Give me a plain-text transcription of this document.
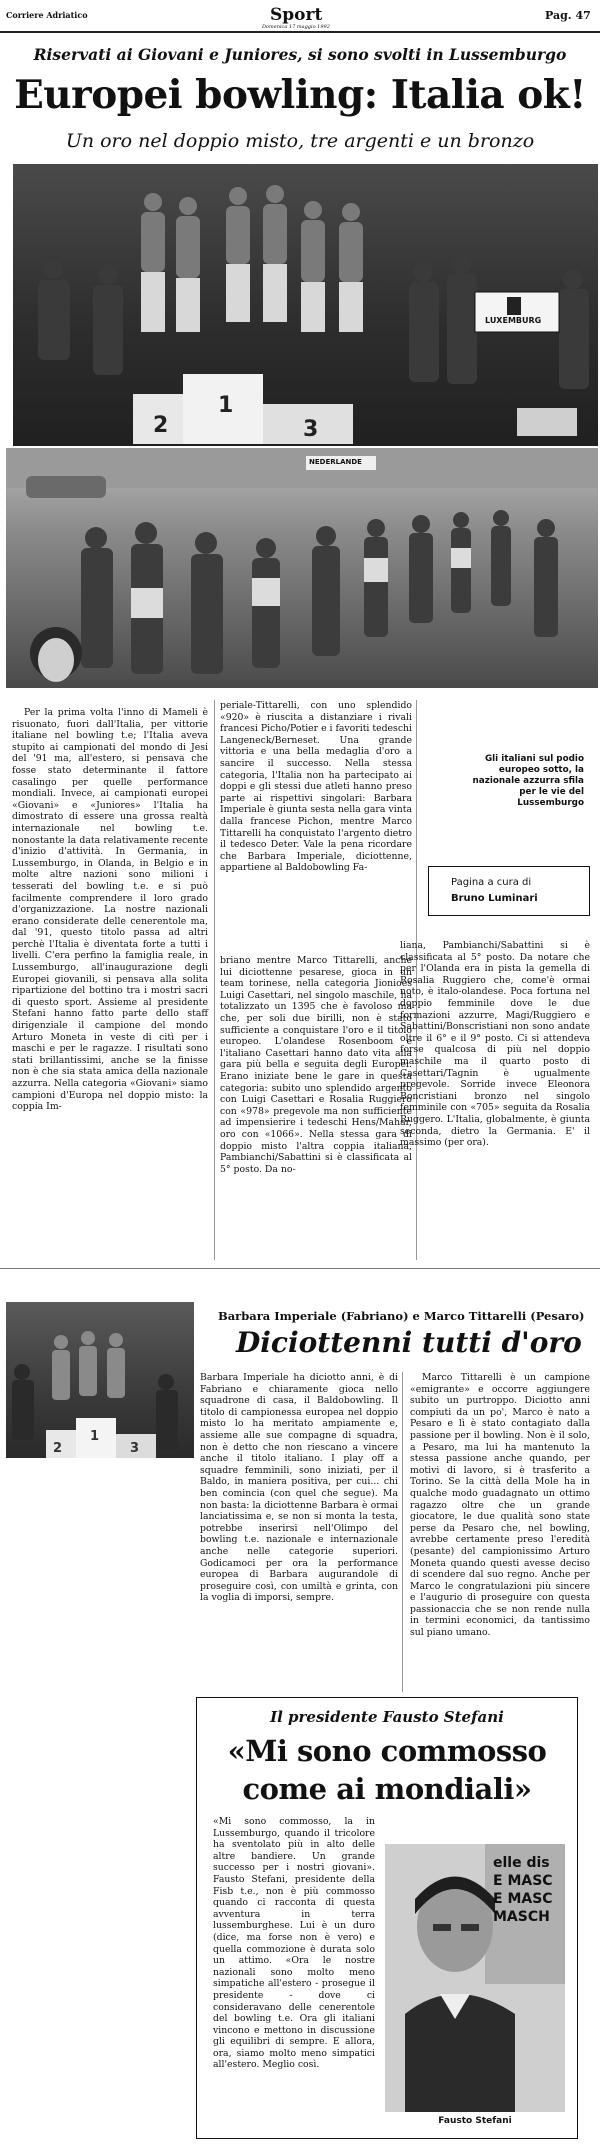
Corriere Adriatico	Sport
Domenica 17 maggio 1992
Pag. 47
Riservati ai Giovani e Juniores, si sono svolti in Lussemburgo
Europei bowling: Italia ok!
Un oro nel doppio misto, tre argenti e un bronzo
2
1
3
LUXEMBURG
NEDERLANDE

Per la prima volta l'inno di Mameli è risuonato, fuori dall'Italia, per vittorie italiane nel bowling t.e; l'Italia aveva stupito ai campionati del mondo di Jesi del '91 ma, all'estero, si pensava che fosse stato determinante il fattore casalingo per quelle performance mondiali. Invece, ai campionati europei «Giovani» e «Juniores» l'Italia ha dimostrato di essere una grossa realtà internazionale nel bowling t.e. nonostante la data relativamente recente d'inizio d'attività. In Germania, in Lussemburgo, in Olanda, in Belgio e in molte altre nazioni sono milioni i tesserati del bowling t.e. e si può facilmente comprendere il loro grado d'organizzazione. La nostre nazionali erano considerate delle cenerentole ma, dal '91, questo titolo passa ad altri perchè l'Italia è diventata forte a tutti i livelli. C'era perfino la famiglia reale, in Lussemburgo, all'inaugurazione degli Europei giovanili, si pensava alla solita ripartizione del bottino tra i mostri sacri di questo sport. Assieme al presidente Stefani hanno fatto parte dello staff dirigenziale il campione del mondo Arturo Moneta in veste di citì per i maschi e per le ragazze. I risultati sono stati brillantissimi, anche se la finisse non è che sia stata amica della nazionale azzurra. Nella categoria «Giovani» siamo campioni d'Europa nel doppio misto: la coppia Im-

periale-Tittarelli, con uno splendido «920» è riuscita a distanziare i rivali francesi Picho/Potier e i favoriti tedeschi Langeneck/Berneset. Una grande vittoria e una bella medaglia d'oro a sancire il successo. Nella stessa categoria, l'Italia non ha partecipato ai doppi e gli stessi due atleti hanno preso parte ai rispettivi singolari: Barbara Imperiale è giunta sesta nella gara vinta dalla francese Pichon, mentre Marco Tittarelli ha conquistato l'argento dietro il tedesco Deter. Vale la pena ricordare che Barbara Imperiale, diciottenne, appartiene al Baldobowling Fa-

briano mentre Marco Tittarelli, anche lui diciottenne pesarese, gioca in un team torinese, nella categoria Jionioes Luigi Casettari, nel singolo maschile, ha totalizzato un 1395 che è favoloso ma che, per soli due birilli, non è stato sufficiente a conquistare l'oro e il titolo europeo. L'olandese Rosenboom e l'italiano Casettari hanno dato vita alla gara più bella e seguita degli Europei. Erano iniziate bene le gare in questa categoria: subito uno splendido argento con Luigi Casettari e Rosalia Ruggiero con «978» pregevole ma non sufficiente ad impensierire i tedeschi Hens/Mahar, oro con «1066». Nella stessa gara di doppio misto l'altra coppia italiana, Pambianchi/Sabattini si è classificata al 5° posto. Da no-

Gli italiani sul podio europeo sotto, la nazionale azzurra sfila per le vie del Lussemburgo
Pagina a cura di
Bruno Luminari

liana, Pambianchi/Sabattini si è classificata al 5° posto. Da notare che per l'Olanda era in pista la gemella di Rosalia Ruggiero che, come'è ormai noto, è italo-olandese. Poca fortuna nel doppio femminile dove le due formazioni azzurre, Magi/Ruggiero e Sabattini/Bonscristiani non sono andate oltre il 6° e il 9° posto. Ci si attendeva forse qualcosa di più nel doppio maschile ma il quarto posto di Casettari/Tagnin è ugualmente pregevole. Sorride invece Eleonora Boncristiani bronzo nel singolo femminile con «705» seguita da Rosalia Ruggero. L'Italia, globalmente, è giunta seconda, dietro la Germania. E' il massimo (per ora).

2
1
3
Barbara Imperiale (Fabriano) e Marco Tittarelli (Pesaro)
Diciottenni tutti d'oro

Barbara Imperiale ha diciotto anni, è di Fabriano e chiaramente gioca nello squadrone di casa, il Baldobowling. Il titolo di campionessa europea nel doppio misto lo ha meritato ampiamente e, assieme alle sue compagne di squadra, non è detto che non riescano a vincere anche il titolo italiano. I play off a squadre femminili, sono iniziati, per il Baldo, in maniera positiva, per cui... chi ben comincia (con quel che segue). Ma non basta: la diciottenne Barbara è ormai lanciatissima e, se non si monta la testa, potrebbe inserirsi nell'Olimpo del bowling t.e. nazionale e internazionale anche nelle categorie superiori. Godicamoci per ora la performance europea di Barbara augurandole di proseguire così, con umiltà e grinta, con la voglia di imporsi, sempre.

Marco Tittarelli è un campione «emigrante» e occorre aggiungere subito un purtroppo. Diciotto anni compiuti da un po', Marco è nato a Pesaro e lì è stato contagiato dalla passione per il bowling. Non è il solo, a Pesaro, ma lui ha mantenuto la stessa passione anche quando, per motivi di lavoro, si è trasferito a Torino. Se la città della Mole ha in qualche modo guadagnato un ottimo ragazzo oltre che un grande giocatore, le due qualità sono state perse da Pesaro che, nel bowling, avrebbe certamente preso l'eredità (pesante) del campionissimo Arturo Moneta quando questi avesse deciso di scendere dal suo regno. Anche per Marco le congratulazioni più sincere e l'augurio di proseguire con questa passionaccia che se non rende nulla in termini economici, da tantissimo sul piano umano.

Il presidente Fausto Stefani
«Mi sono commosso
come ai mondiali»

«Mi sono commosso, la in Lussemburgo, quando il tricolore ha sventolato più in alto delle altre bandiere. Un grande successo per i nostri giovani». Fausto Stefani, presidente della Fisb t.e., non è più commosso quando ci racconta di questa avventura in terra lussemburghese. Lui è un duro (dice, ma forse non è vero) e quella commozione è durata solo un attimo. «Ora le nostre nazionali sono molto meno simpatiche all'estero - prosegue il presidente - dove ci consideravano delle cenerentole del bowling t.e. Ora gli italiani vincono e mettono in discussione gli equilibri di sempre. E allora, ora, siamo molto meno simpatici all'estero. Meglio così.

elle dis
E MASC
E MASC
MASCH
Fausto Stefani
